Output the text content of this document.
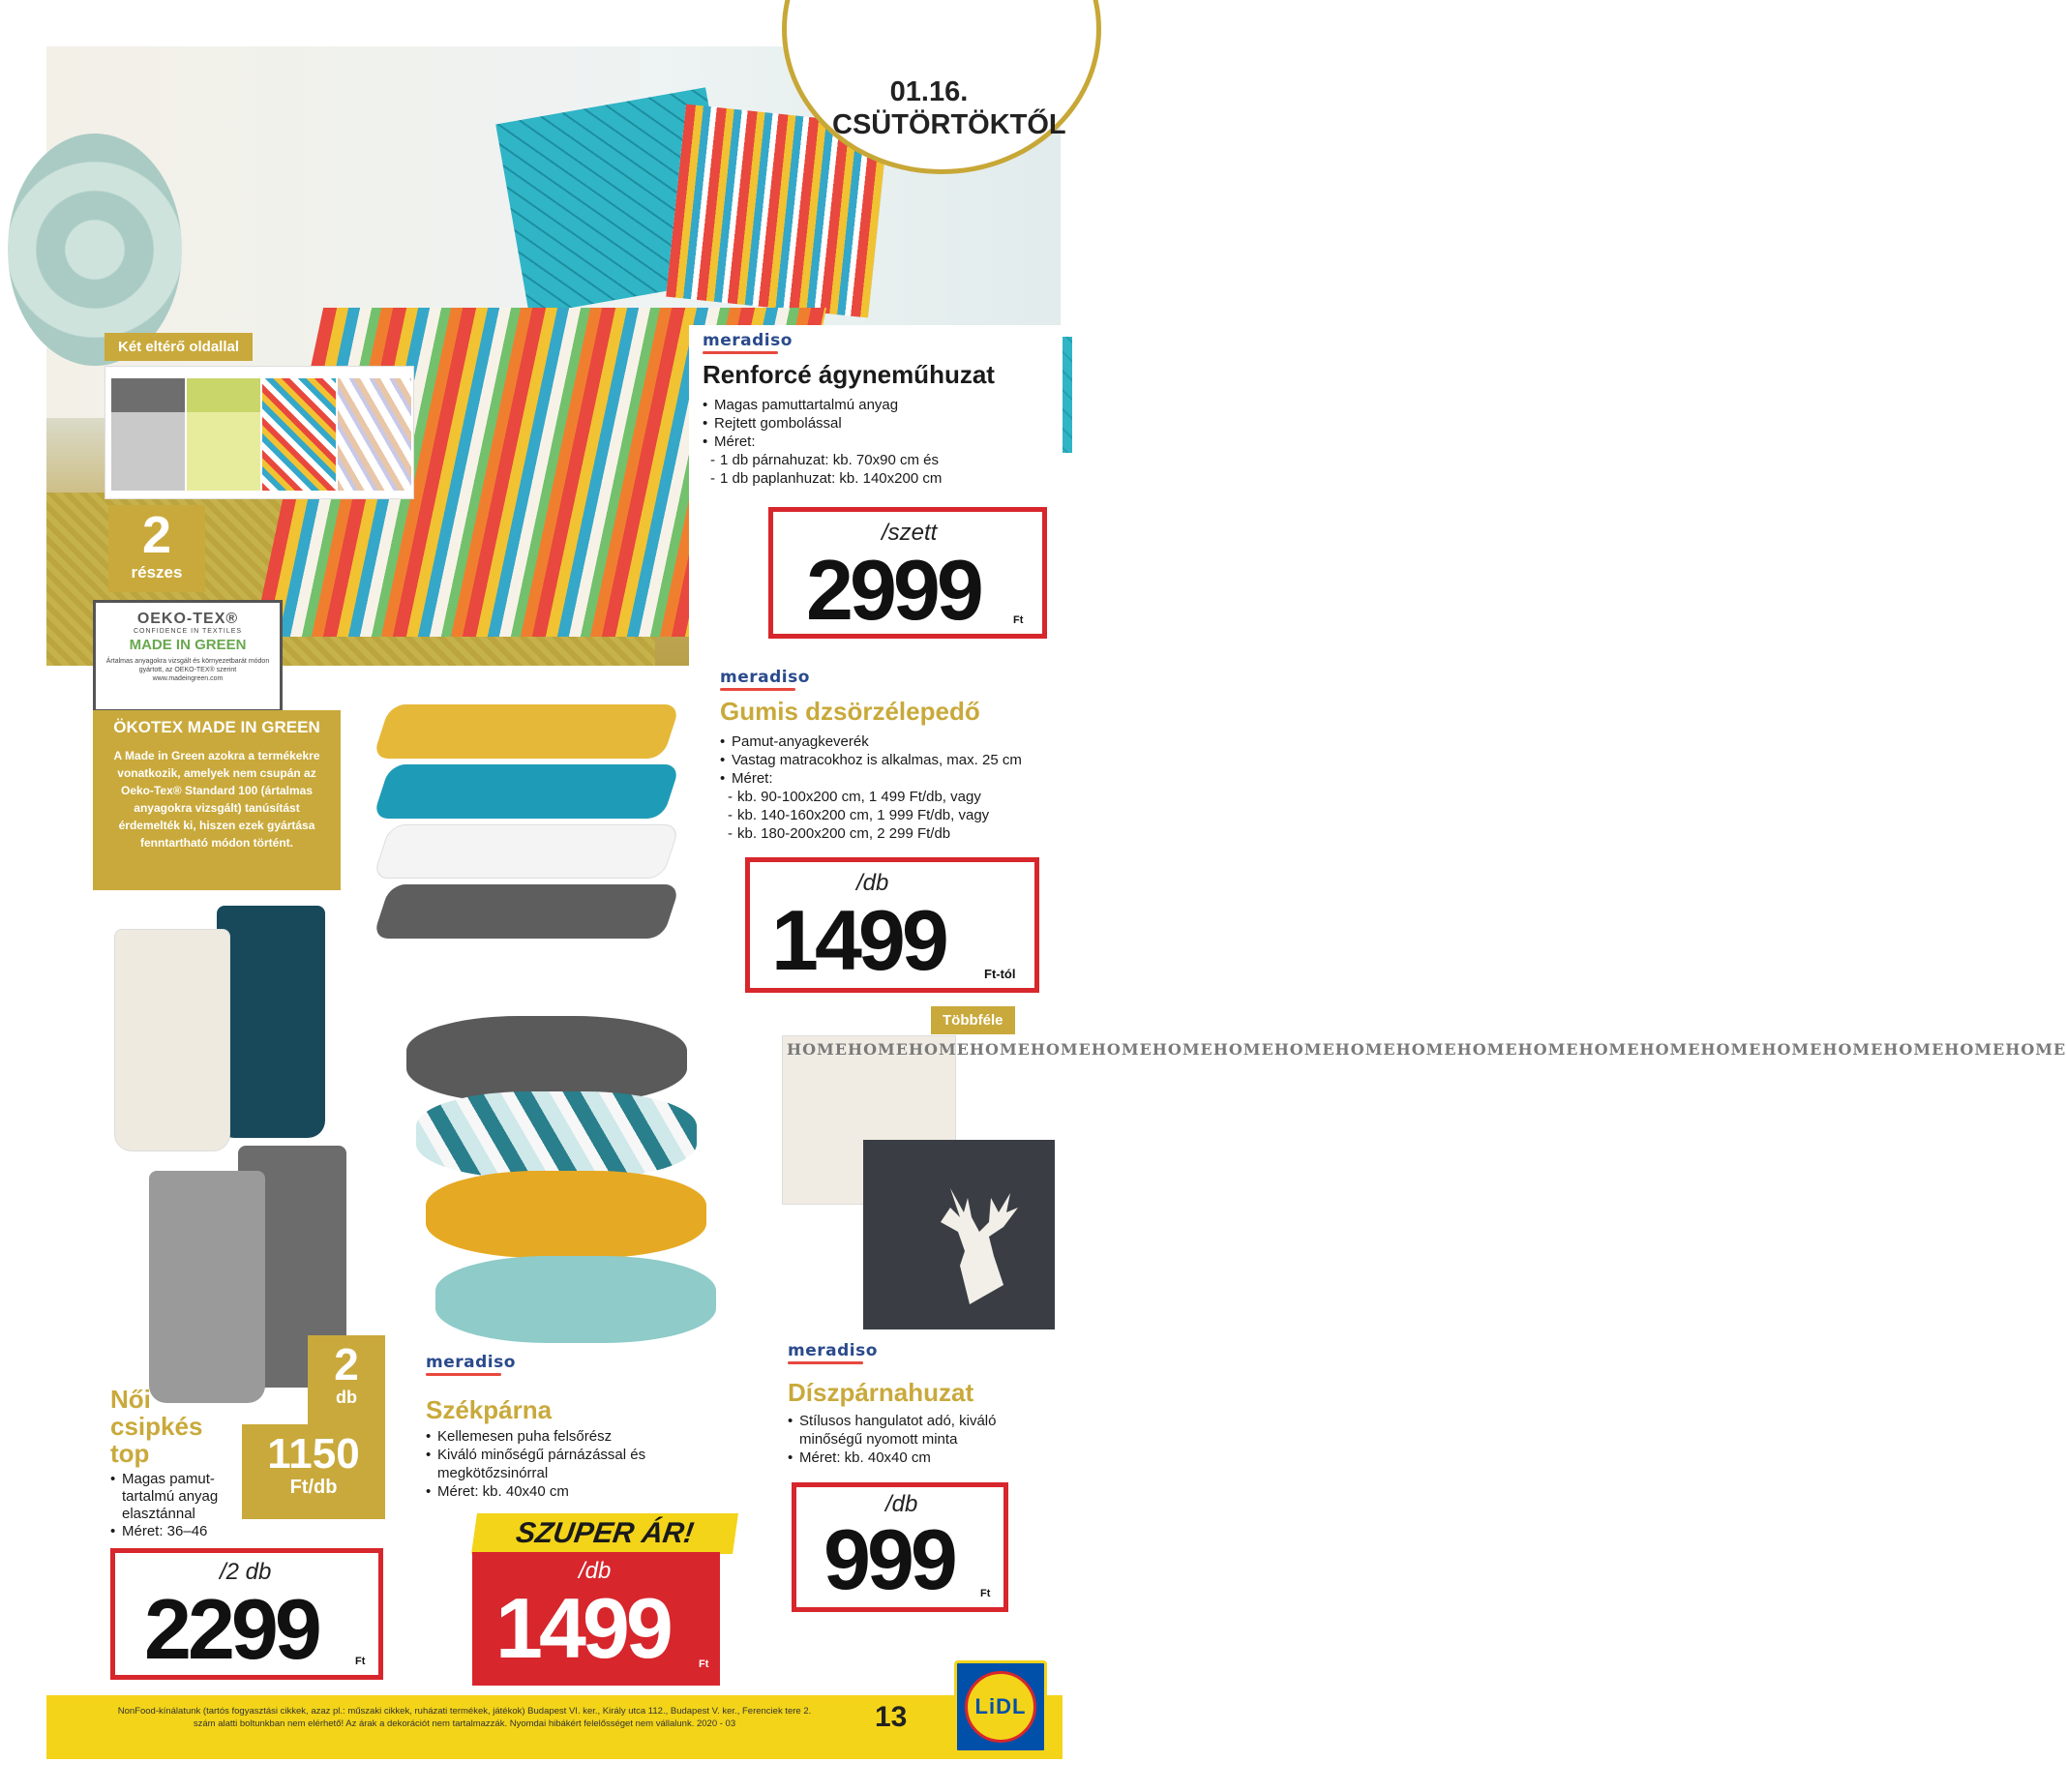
01.16.
CSÜTÖRTÖKTŐL
Két eltérő oldallal
2
részes
OEKO-TEX®
CONFIDENCE IN TEXTILES
MADE IN GREEN
Ártalmas anyagokra vizsgált és környezetbarát módon gyártott, az OEKO-TEX® szerint www.madeingreen.com
ÖKOTEX MADE IN GREEN
A Made in Green azokra a termékekre vonatkozik, amelyek nem csupán az Oeko-Tex® Standard 100 (ártalmas anyagokra vizsgált) tanúsítást érdemelték ki, hiszen ezek gyártása fenntartható módon történt.
meradiso
Renforcé ágyneműhuzat
• Magas pamuttartalmú anyag
• Rejtett gombolással
• Méret:
- 1 db párnahuzat: kb. 70x90 cm és
- 1 db paplanhuzat: kb. 140x200 cm
/szett
2999	Ft
meradiso
Gumis dzsörzélepedő
• Pamut-anyagkeverék
• Vastag matracokhoz is alkalmas, max. 25 cm
• Méret:
- kb. 90-100x200 cm, 1 499 Ft/db, vagy
- kb. 140-160x200 cm, 1 999 Ft/db, vagy
- kb. 180-200x200 cm, 2 299 Ft/db
/db
1499	Ft-tól
2
db
1150
Ft/db
Női
csipkés
top
• Magas pamut-tartalmú anyag elasztánnal
• Méret: 36–46
/2 db
2299	Ft
meradiso
Székpárna
• Kellemesen puha felsőrész
• Kiváló minőségű párnázással és megkötőzsinórral
• Méret: kb. 40x40 cm
SZUPER ÁR!
/db
1499	Ft
Többféle
HOMEHOMEHOMEHOMEHOMEHOMEHOMEHOMEHOMEHOMEHOMEHOMEHOMEHOMEHOMEHOMEHOMEHOMEHOMEHOMEHOME
meradiso
Díszpárnahuzat
• Stílusos hangulatot adó, kiváló minőségű nyomott minta
• Méret: kb. 40x40 cm
/db
999 Ft
NonFood-kínálatunk (tartós fogyasztási cikkek, azaz pl.: műszaki cikkek, ruházati termékek, játékok) Budapest VI. ker., Király utca 112., Budapest V. ker., Ferenciek tere 2.
szám alatti boltunkban nem elérhető! Az árak a dekorációt nem tartalmazzák. Nyomdai hibákért felelősséget nem vállalunk. 2020 - 03	13	LiDL
